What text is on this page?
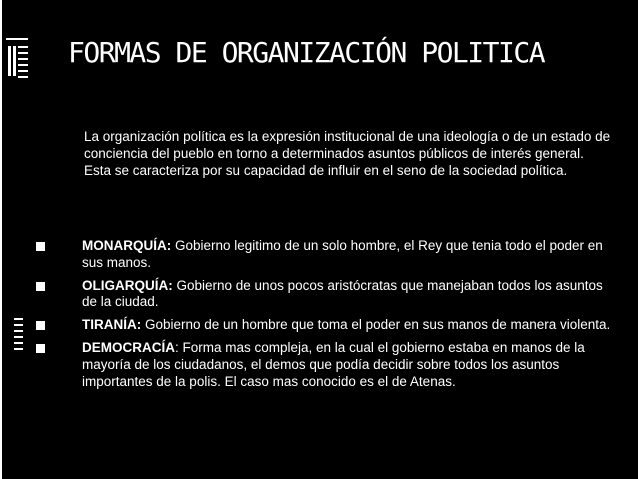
FORMAS DE ORGANIZACIÓN POLITICA

La organización política es la expresión institucional de una ideología o de un estado de conciencia del pueblo en torno a determinados asuntos públicos de interés general. Esta se caracteriza por su capacidad de influir en el seno de la sociedad política.

MONARQUÍA: Gobierno legitimo de un solo hombre, el Rey que tenia todo el poder en sus manos.
OLIGARQUÍA: Gobierno de unos pocos aristócratas que manejaban todos los asuntos de la ciudad.
TIRANÍA: Gobierno de un hombre que toma el poder en sus manos de manera violenta.
DEMOCRACÍA: Forma mas compleja, en la cual el gobierno estaba en manos de la mayoría de los ciudadanos, el demos que podía decidir sobre todos los asuntos importantes de la polis. El caso mas conocido es el de Atenas.
